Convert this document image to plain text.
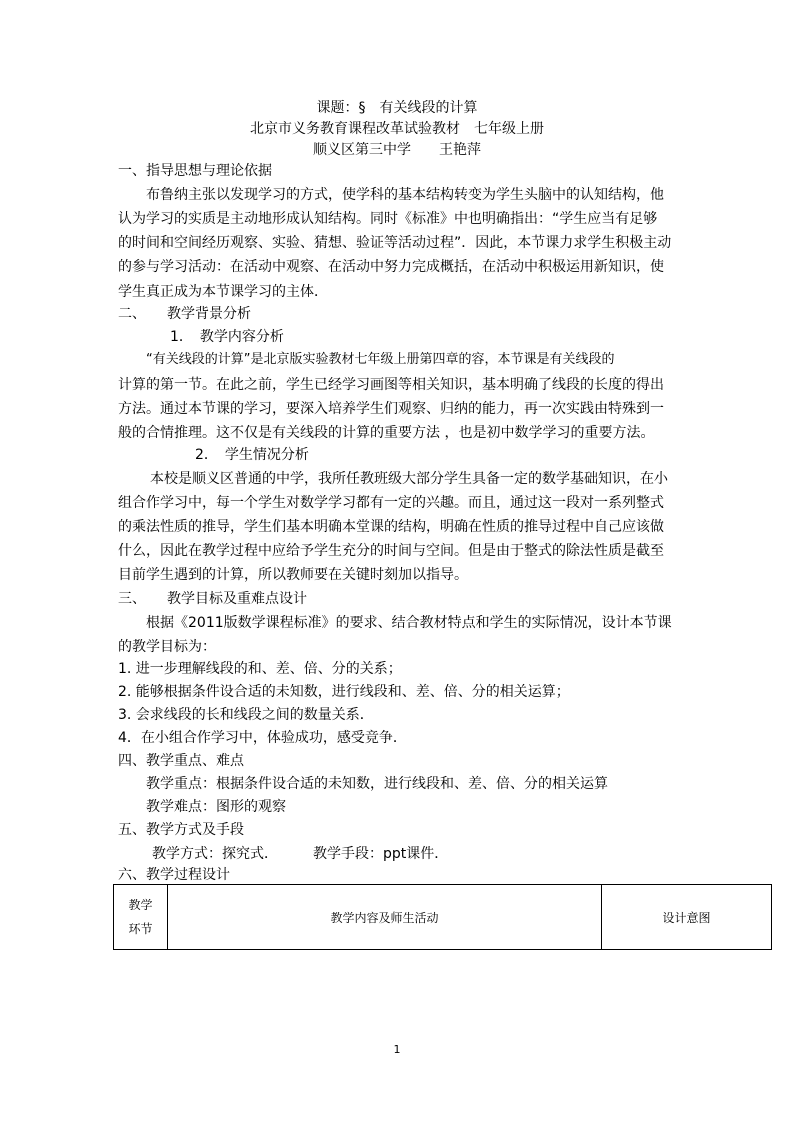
课题：§　有关线段的计算
北京市义务教育课程改革试验教材　七年级上册
顺义区第三中学　　王艳萍
一、指导思想与理论依据
布鲁纳主张以发现学习的方式，使学科的基本结构转变为学生头脑中的认知结构，他
认为学习的实质是主动地形成认知结构。同时《标准》中也明确指出：“学生应当有足够
的时间和空间经历观察、实验、猜想、验证等活动过程”．因此，本节课力求学生积极主动
的参与学习活动：在活动中观察、在活动中努力完成概括，在活动中积极运用新知识，使
学生真正成为本节课学习的主体．
二、　　教学背景分析
1．　教学内容分析
“有关线段的计算”是北京版实验教材七年级上册第四章的容，本节课是有关线段的
计算的第一节。在此之前，学生已经学习画图等相关知识，基本明确了线段的长度的得出
方法。通过本节课的学习，要深入培养学生们观察、归纳的能力，再一次实践由特殊到一
般的合情推理。这不仅是有关线段的计算的重要方法 ，也是初中数学学习的重要方法。
2．　学生情况分析
本校是顺义区普通的中学，我所任教班级大部分学生具备一定的数学基础知识，在小
组合作学习中，每一个学生对数学学习都有一定的兴趣。而且，通过这一段对一系列整式
的乘法性质的推导，学生们基本明确本堂课的结构，明确在性质的推导过程中自己应该做
什么，因此在教学过程中应给予学生充分的时间与空间。但是由于整式的除法性质是截至
目前学生遇到的计算，所以教师要在关键时刻加以指导。
三、　　教学目标及重难点设计
根据《2011版数学课程标准》的要求、结合教材特点和学生的实际情况，设计本节课
的教学目标为：
1. 进一步理解线段的和、差、倍、分的关系；
2. 能够根据条件设合适的未知数，进行线段和、差、倍、分的相关运算；
3. 会求线段的长和线段之间的数量关系．
4．在小组合作学习中，体验成功，感受竞争．
四、教学重点、难点
教学重点：根据条件设合适的未知数，进行线段和、差、倍、分的相关运算
教学难点：图形的观察
五、教学方式及手段
教学方式：探究式．　　　教学手段：ppt课件．
六、教学过程设计
教学
环节
	教学内容及师生活动	设计意图
1
